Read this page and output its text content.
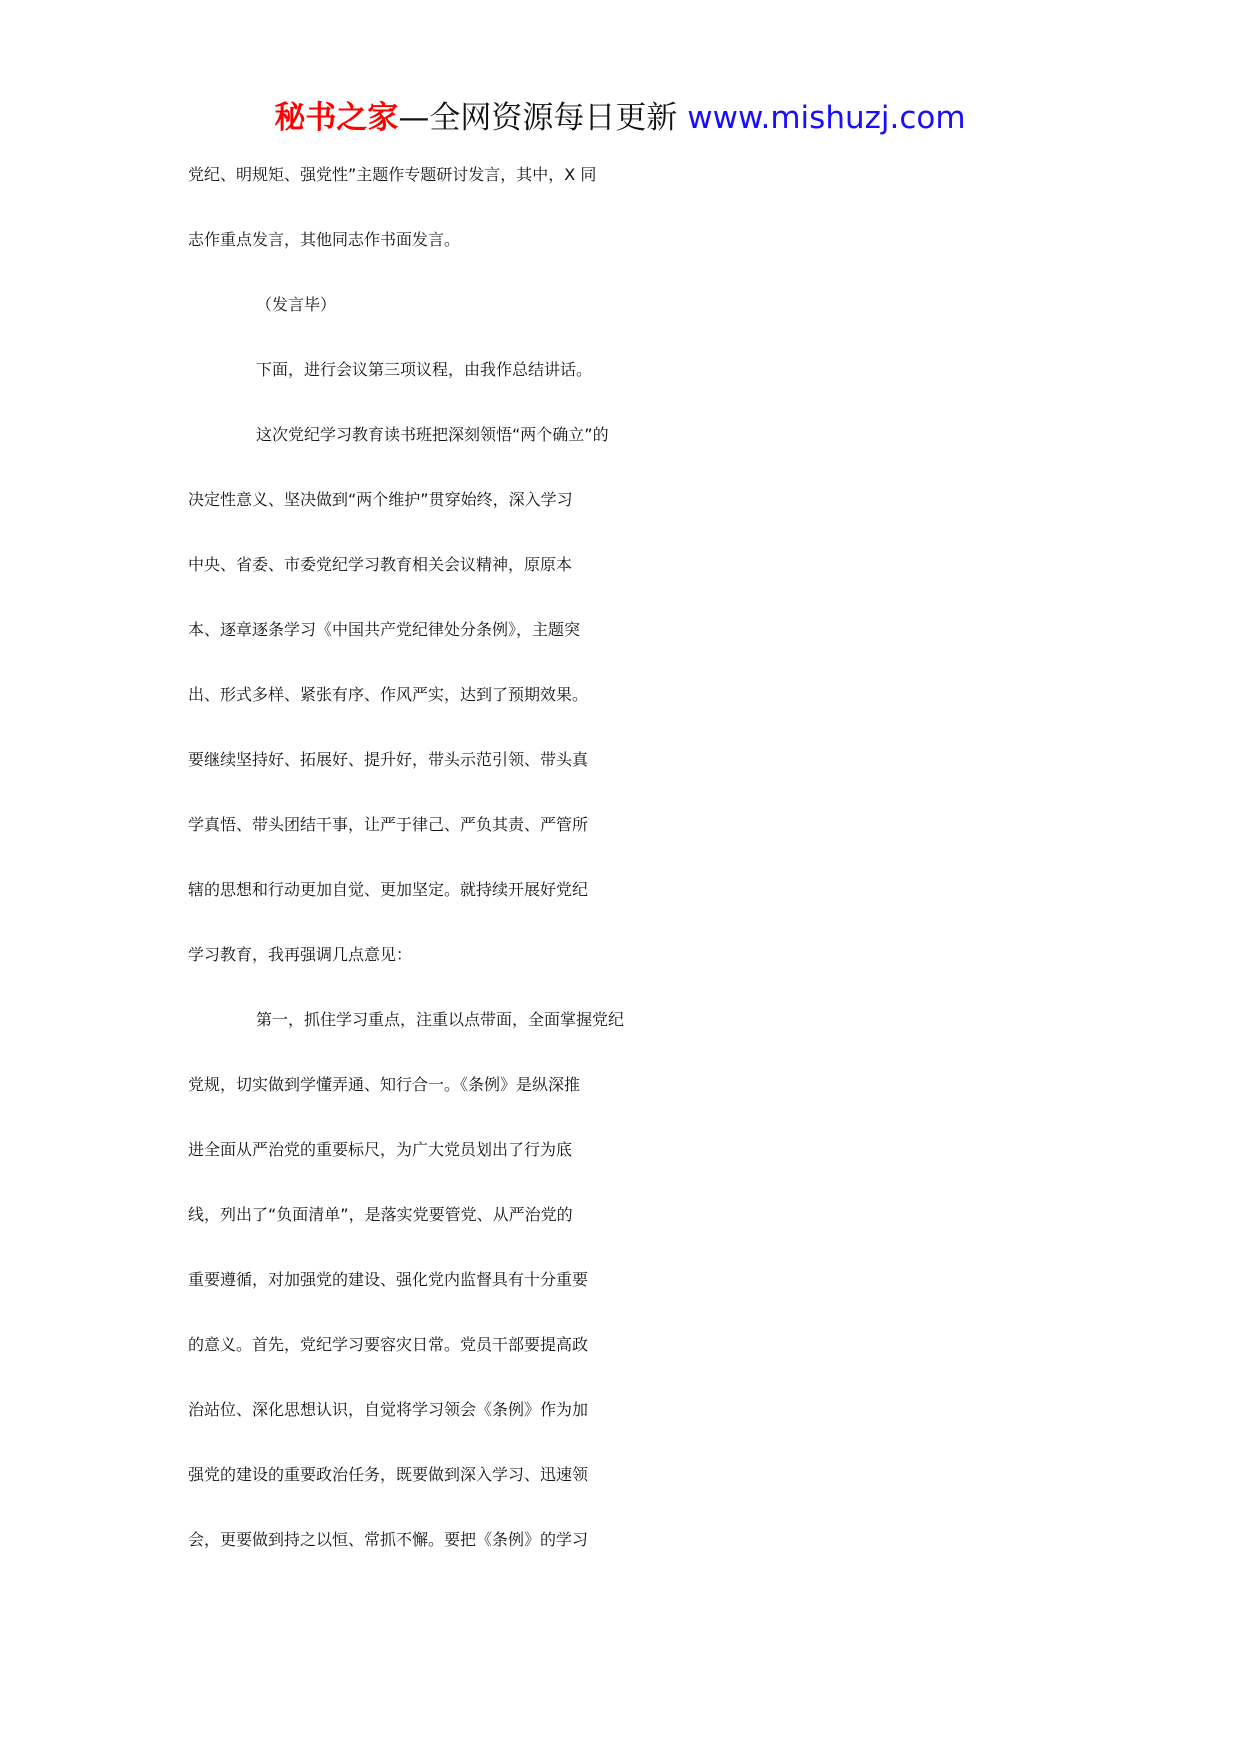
秘书之家—全网资源每日更新 www.mishuzj.com
党纪、明规矩、强党性”主题作专题研讨发言，其中，X 同
志作重点发言，其他同志作书面发言。
（发言毕）
下面，进行会议第三项议程，由我作总结讲话。
这次党纪学习教育读书班把深刻领悟“两个确立”的
决定性意义、坚决做到“两个维护”贯穿始终，深入学习
中央、省委、市委党纪学习教育相关会议精神，原原本
本、逐章逐条学习《中国共产党纪律处分条例》，主题突
出、形式多样、紧张有序、作风严实，达到了预期效果。
要继续坚持好、拓展好、提升好，带头示范引领、带头真
学真悟、带头团结干事，让严于律己、严负其责、严管所
辖的思想和行动更加自觉、更加坚定。就持续开展好党纪
学习教育，我再强调几点意见：
第一，抓住学习重点，注重以点带面，全面掌握党纪
党规，切实做到学懂弄通、知行合一。《条例》是纵深推
进全面从严治党的重要标尺，为广大党员划出了行为底
线，列出了“负面清单”，是落实党要管党、从严治党的
重要遵循，对加强党的建设、强化党内监督具有十分重要
的意义。首先，党纪学习要容灾日常。党员干部要提高政
治站位、深化思想认识，自觉将学习领会《条例》作为加
强党的建设的重要政治任务，既要做到深入学习、迅速领
会，更要做到持之以恒、常抓不懈。要把《条例》的学习
